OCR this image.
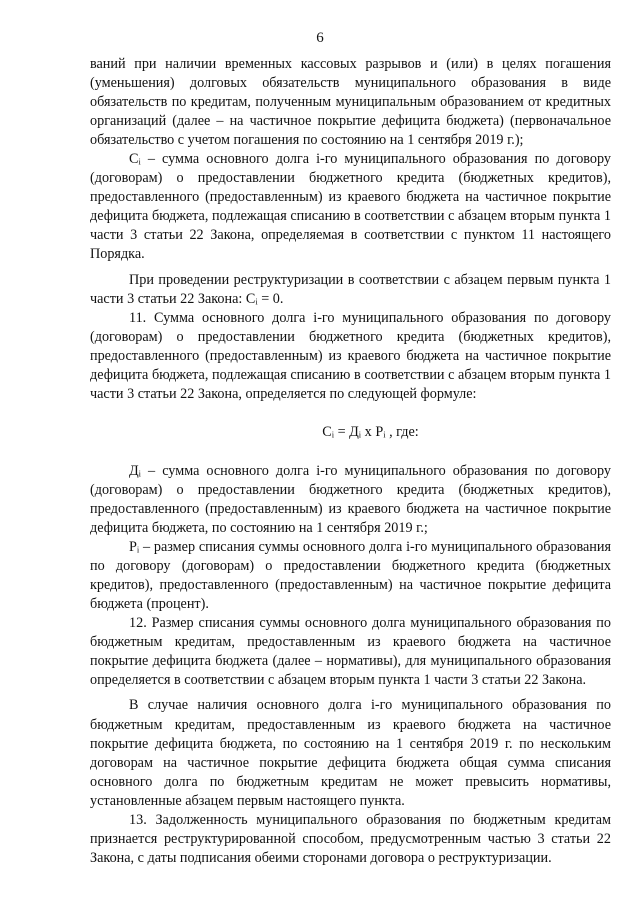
6

ваний при наличии временных кассовых разрывов и (или) в целях погашения (уменьшения) долговых обязательств муниципального образования в виде обязательств по кредитам, полученным муниципальным образованием от кредитных организаций (далее – на частичное покрытие дефицита бюджета) (первоначальное обязательство с учетом погашения по состоянию на 1 сентября 2019 г.);

Cᵢ – сумма основного долга i-го муниципального образования по договору (договорам) о предоставлении бюджетного кредита (бюджетных кредитов), предоставленного (предоставленным) из краевого бюджета на частичное покрытие дефицита бюджета, подлежащая списанию в соответствии с абзацем вторым пункта 1 части 3 статьи 22 Закона, определяемая в соответствии с пунктом 11 настоящего Порядка.

При проведении реструктуризации в соответствии с абзацем первым пункта 1 части 3 статьи 22 Закона: Cᵢ = 0.

11. Сумма основного долга i-го муниципального образования по договору (договорам) о предоставлении бюджетного кредита (бюджетных кредитов), предоставленного (предоставленным) из краевого бюджета на частичное покрытие дефицита бюджета, подлежащая списанию в соответствии с абзацем вторым пункта 1 части 3 статьи 22 Закона, определяется по следующей формуле:

Cᵢ = Дᵢ x Pᵢ , где:

Дᵢ – сумма основного долга i-го муниципального образования по договору (договорам) о предоставлении бюджетного кредита (бюджетных кредитов), предоставленного (предоставленным) из краевого бюджета на частичное покрытие дефицита бюджета, по состоянию на 1 сентября 2019 г.;

Pᵢ – размер списания суммы основного долга i-го муниципального образования по договору (договорам) о предоставлении бюджетного кредита (бюджетных кредитов), предоставленного (предоставленным) на частичное покрытие дефицита бюджета (процент).

12. Размер списания суммы основного долга муниципального образования по бюджетным кредитам, предоставленным из краевого бюджета на частичное покрытие дефицита бюджета (далее – нормативы), для муниципального образования определяется в соответствии с абзацем вторым пункта 1 части 3 статьи 22 Закона.

В случае наличия основного долга i-го муниципального образования по бюджетным кредитам, предоставленным из краевого бюджета на частичное покрытие дефицита бюджета, по состоянию на 1 сентября 2019 г. по нескольким договорам на частичное покрытие дефицита бюджета общая сумма списания основного долга по бюджетным кредитам не может превысить нормативы, установленные абзацем первым настоящего пункта.

13. Задолженность муниципального образования по бюджетным кредитам признается реструктурированной способом, предусмотренным частью 3 статьи 22 Закона, с даты подписания обеими сторонами договора о реструктуризации.
